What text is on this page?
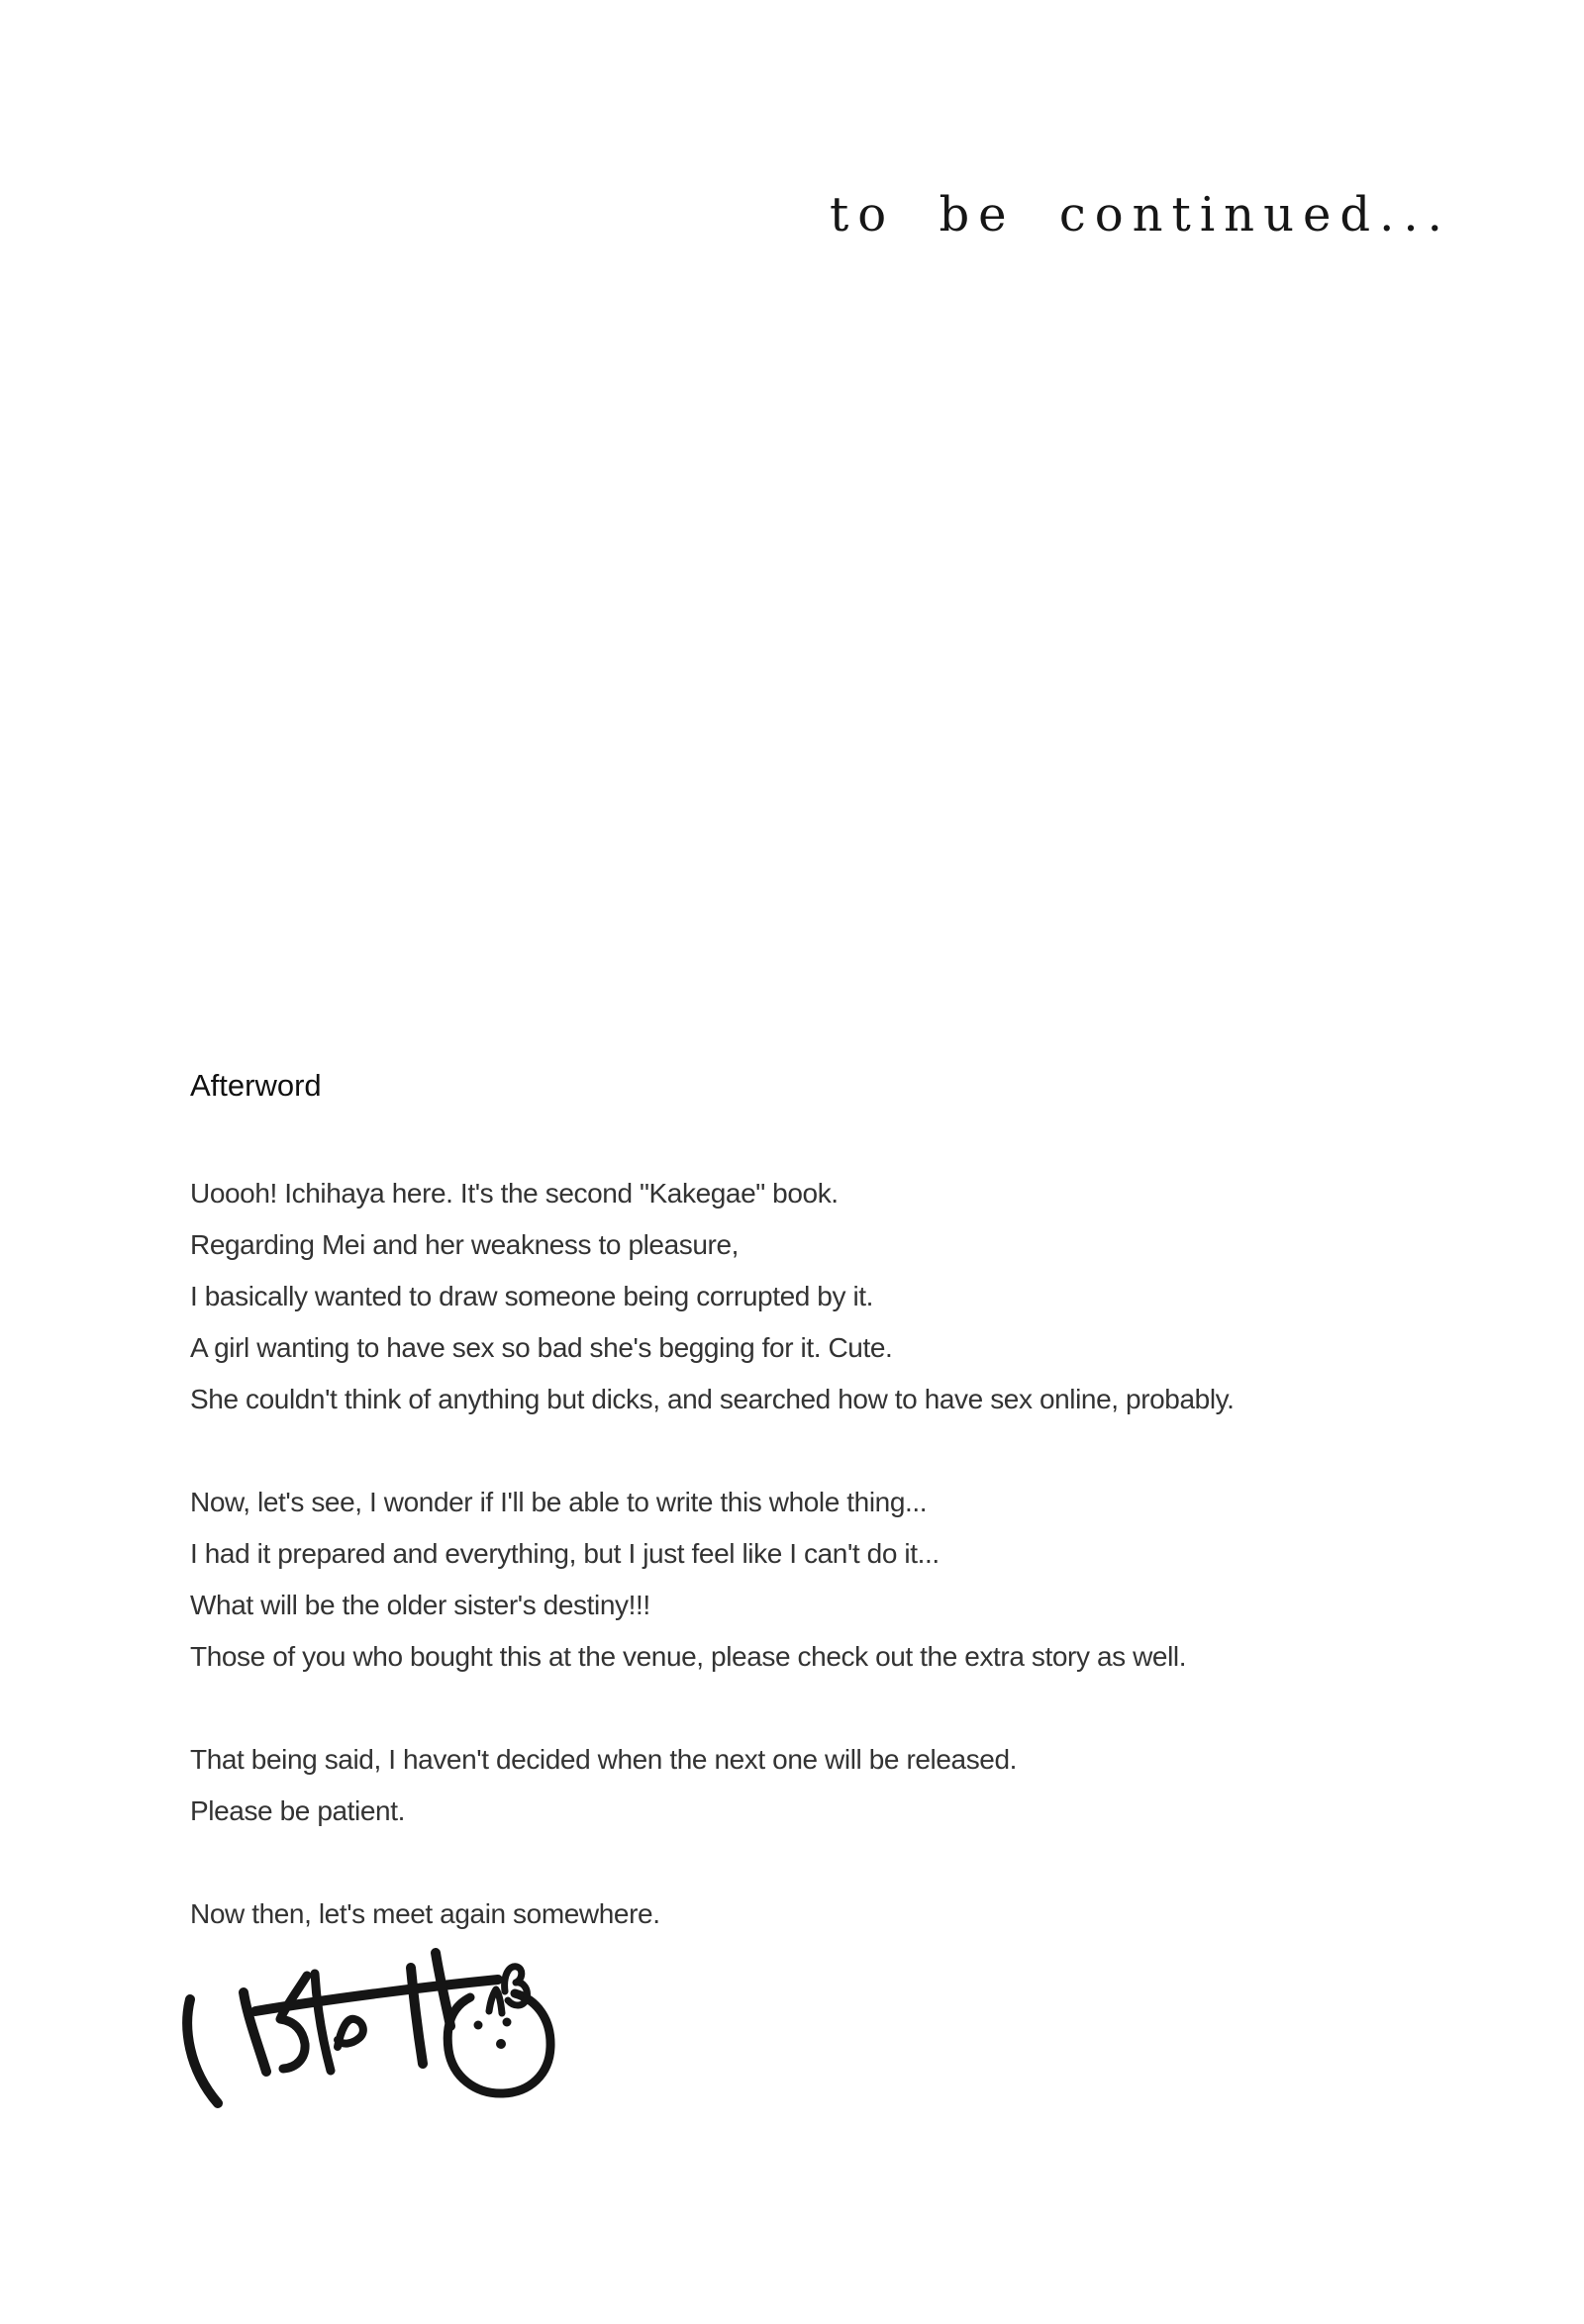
to be continued...
Afterword
Uoooh! Ichihaya here. It's the second "Kakegae" book.
Regarding Mei and her weakness to pleasure,
I basically wanted to draw someone being corrupted by it.
A girl wanting to have sex so bad she's begging for it. Cute.
She couldn't think of anything but dicks, and searched how to have sex online, probably.
Now, let's see, I wonder if I'll be able to write this whole thing...
I had it prepared and everything, but I just feel like I can't do it...
What will be the older sister's destiny!!!
Those of you who bought this at the venue, please check out the extra story as well.
That being said, I haven't decided when the next one will be released.
Please be patient.
Now then, let's meet again somewhere.
